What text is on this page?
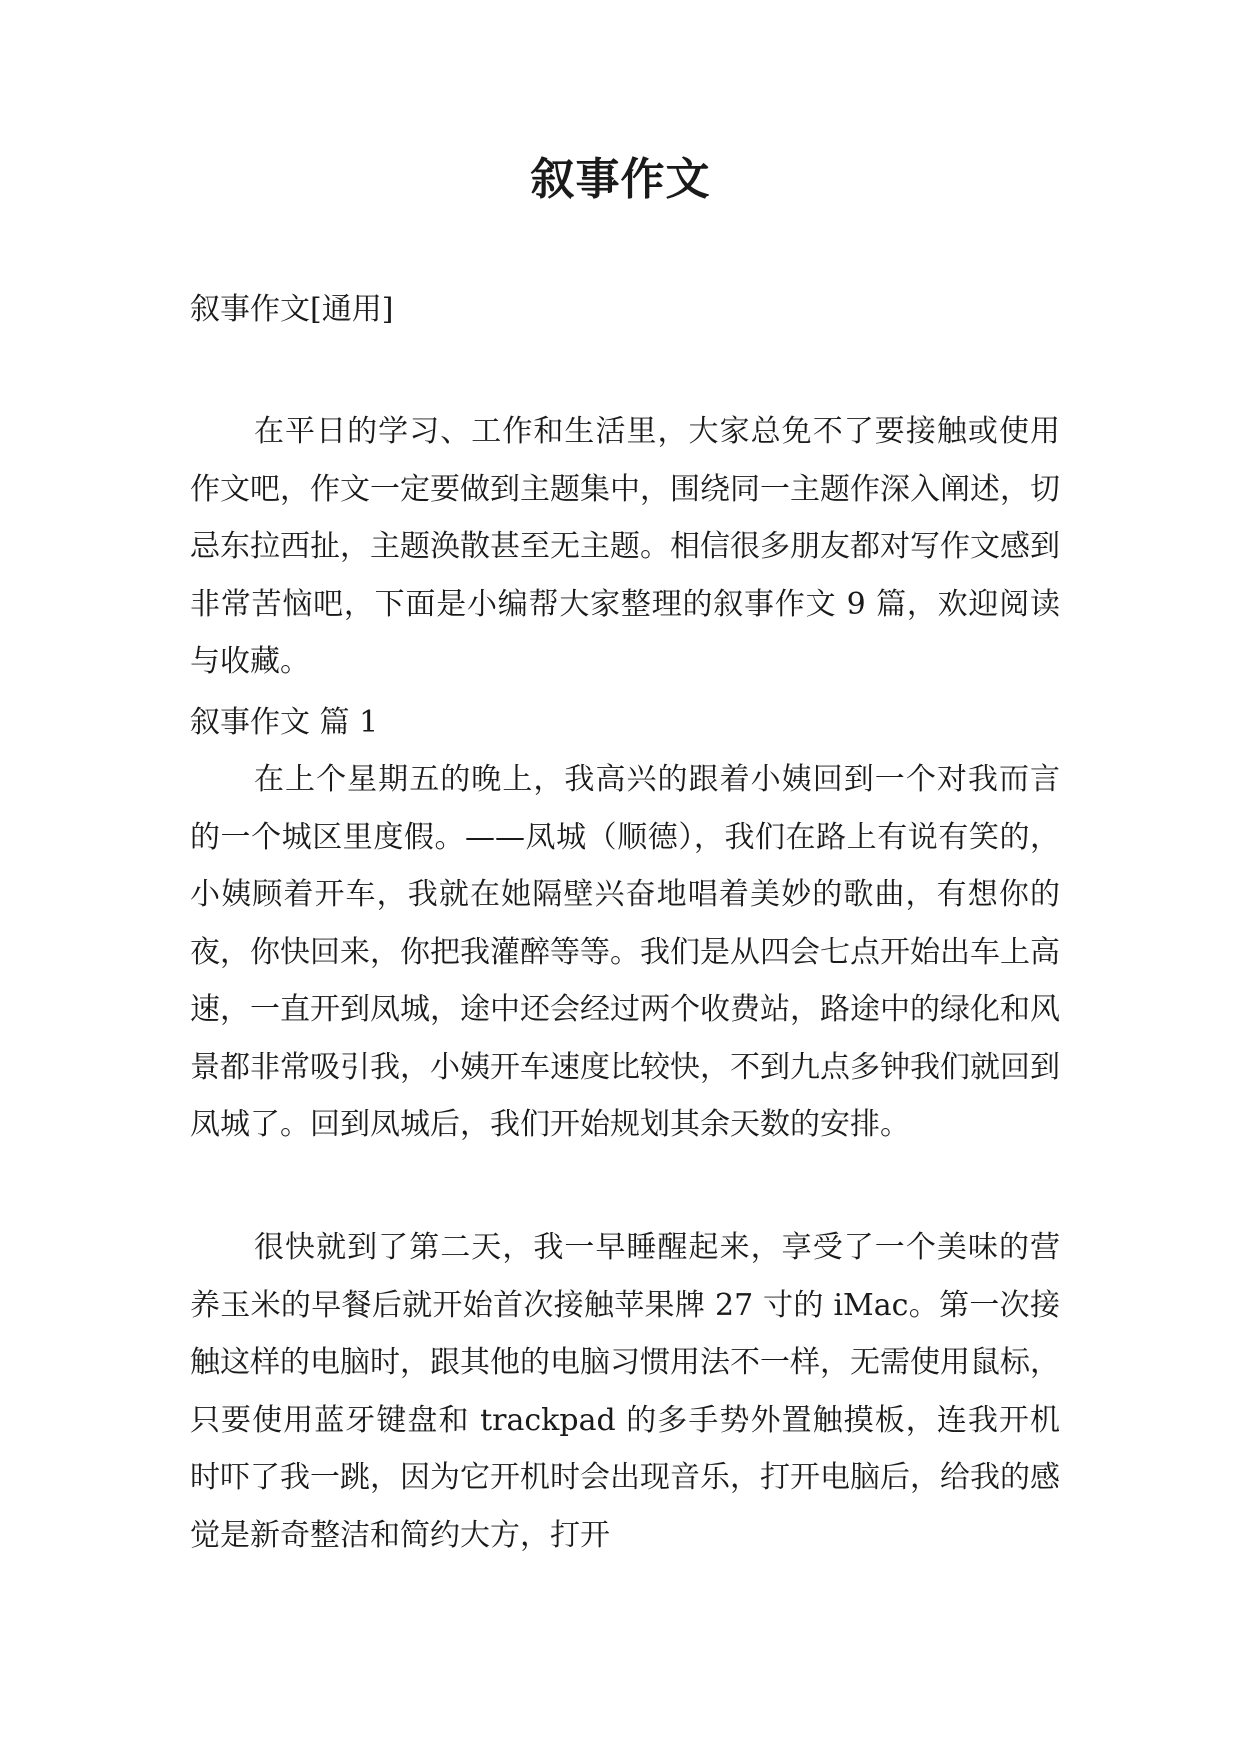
叙事作文

叙事作文[通用]

在平日的学习、工作和生活里，大家总免不了要接触或使用作文吧，作文一定要做到主题集中，围绕同一主题作深入阐述，切忌东拉西扯，主题涣散甚至无主题。相信很多朋友都对写作文感到非常苦恼吧，下面是小编帮大家整理的叙事作文 9 篇，欢迎阅读与收藏。

叙事作文 篇 1

在上个星期五的晚上，我高兴的跟着小姨回到一个对我而言的一个城区里度假。——凤城（顺德），我们在路上有说有笑的，小姨顾着开车，我就在她隔壁兴奋地唱着美妙的歌曲，有想你的夜，你快回来，你把我灌醉等等。我们是从四会七点开始出车上高速，一直开到凤城，途中还会经过两个收费站，路途中的绿化和风景都非常吸引我，小姨开车速度比较快，不到九点多钟我们就回到凤城了。回到凤城后，我们开始规划其余天数的安排。

很快就到了第二天，我一早睡醒起来，享受了一个美味的营养玉米的早餐后就开始首次接触苹果牌 27 寸的 iMac。第一次接触这样的电脑时，跟其他的电脑习惯用法不一样，无需使用鼠标，只要使用蓝牙键盘和 trackpad 的多手势外置触摸板，连我开机时吓了我一跳，因为它开机时会出现音乐，打开电脑后，给我的感觉是新奇整洁和简约大方，打开
